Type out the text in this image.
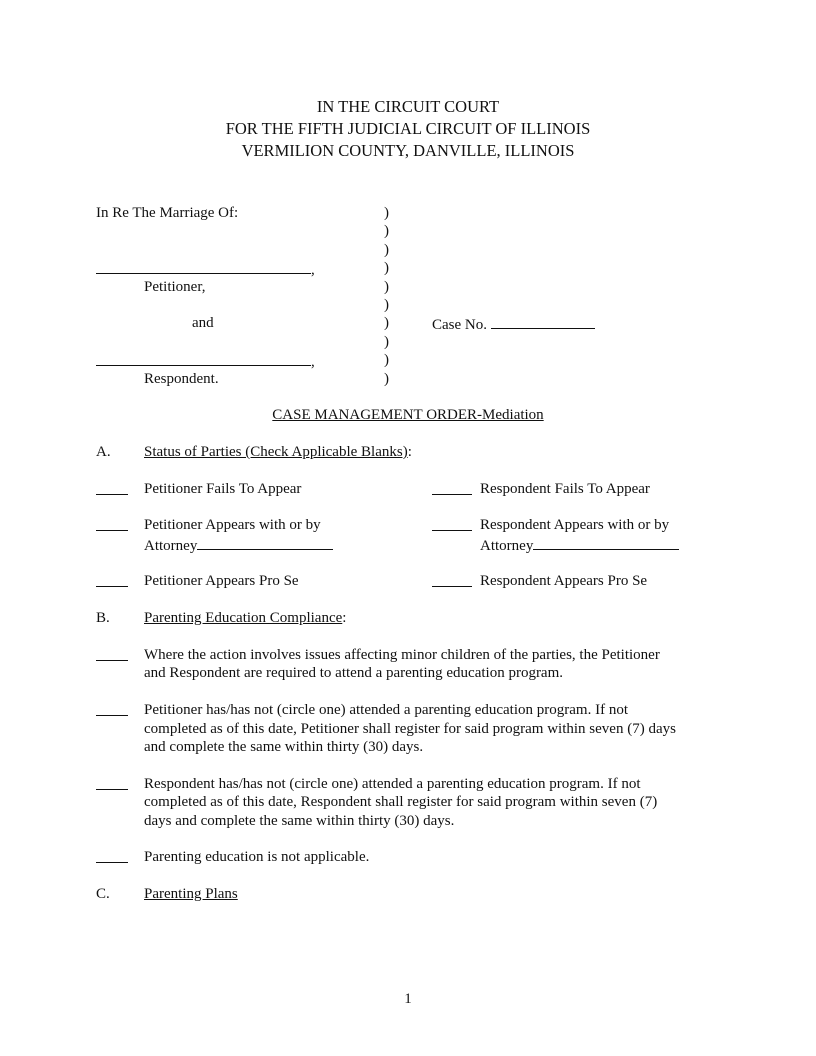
IN THE CIRCUIT COURT
FOR THE FIFTH JUDICIAL CIRCUIT OF ILLINOIS
VERMILION COUNTY, DANVILLE, ILLINOIS
In Re The Marriage Of:
,
Petitioner,
and
,
Respondent.
)
)
)
)
)
)
)
)
)
)
Case No.
CASE MANAGEMENT ORDER-Mediation
A. Status of Parties (Check Applicable Blanks):
Petitioner Fails To Appear	Respondent Fails To Appear
Petitioner Appears with or by
Attorney
Respondent Appears with or by
Attorney
Petitioner Appears Pro Se	Respondent Appears Pro Se
B. Parenting Education Compliance:
Where the action involves issues affecting minor children of the parties, the Petitioner
and Respondent are required to attend a parenting education program.
Petitioner has/has not (circle one) attended a parenting education program. If not
completed as of this date, Petitioner shall register for said program within seven (7) days
and complete the same within thirty (30) days.
Respondent has/has not (circle one) attended a parenting education program. If not
completed as of this date, Respondent shall register for said program within seven (7)
days and complete the same within thirty (30) days.
Parenting education is not applicable.
C. Parenting Plans
1
